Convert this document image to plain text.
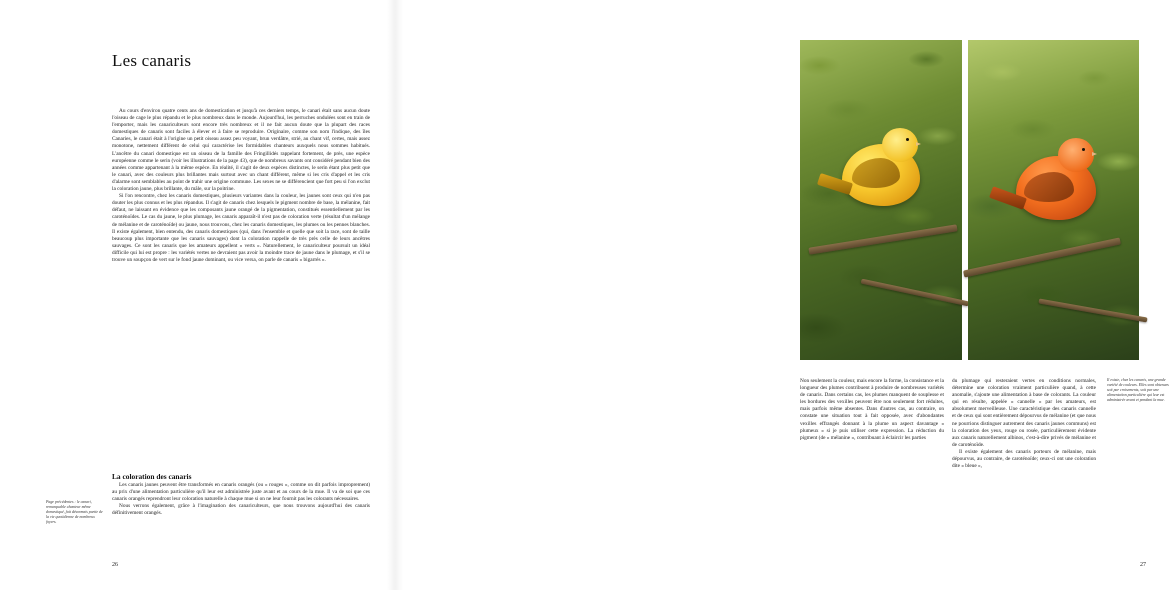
Les canaris

Au cours d'environ quatre cents ans de domestication et jusqu'à ces derniers temps, le canari était sans aucun doute l'oiseau de cage le plus répandu et le plus nombreux dans le monde. Aujourd'hui, les perruches ondulées sont en train de l'emporter, mais les canariculteurs sont encore très nombreux et il ne fait aucun doute que la plupart des races domestiques de canaris sont faciles à élever et à faire se reproduire. Originaire, comme son nom l'indique, des îles Canaries, le canari était à l'origine un petit oiseau assez peu voyant, brun verdâtre, strié, au chant vif, certes, mais assez monotone, nettement différent de celui qui caractérise les formidables chanteurs auxquels nous sommes habitués. L'ancêtre du canari domestique est un oiseau de la famille des Fringillidés rappelant fortement, de près, une espèce européenne comme le serin (voir les illustrations de la page 43), que de nombreux savants ont considéré pendant bien des années comme appartenant à la même espèce. En réalité, il s'agit de deux espèces distinctes, le serin étant plus petit que le canari, avec des couleurs plus brillantes mais surtout avec un chant différent, même si les cris d'appel et les cris d'alarme sont semblables au point de trahir une origine commune. Les sexes ne se différencient que fort peu si l'on exclut la coloration jaune, plus brillante, du mâle, sur la poitrine.

Si l'on rencontre, chez les canaris domestiques, plusieurs variantes dans la couleur, les jaunes sont ceux qui n'en pas douter les plus connus et les plus répandus. Il s'agit de canaris chez lesquels le pigment nombre de base, la mélanine, fait défaut, ne laissant en évidence que les composants jaune orangé de la pigmentation, constitués essentiellement par les caroténoïdes. Le cas du jaune, le plus plumage, les canaris apparaît-il n'est pas de coloration verte (résultat d'un mélange de mélanine et de caroténoïde) ou jaune, nous trouvons, chez les canaris domestiques, les plumes ou les pennes blanches. Il existe également, bien entendu, des canaris domestiques (qui, dans l'ensemble et quelle que soit la race, sont de taille beaucoup plus importante que les canaris sauvages) dont la coloration rappelle de très près celle de leurs ancêtres sauvages. Ce sont les canaris que les amateurs appellent « verts ». Naturellement, le canariculteur poursuit un idéal difficile qui lui est propre : les variétés vertes ne devraient pas avoir la moindre trace de jaune dans le plumage, et s'il se trouve un soupçon de vert sur le fond jaune dominant, ou vice versa, on parle de canaris « bigarrés ».

La coloration des canaris

Les canaris jaunes peuvent être transformés en canaris orangés (ou « rouges », comme on dit parfois improprement) au prix d'une alimentation particulière qu'il leur est administrée juste avant et au cours de la mue. Il va de soi que ces canaris orangés reprendront leur coloration naturelle à chaque mue si on ne leur fournit pas les colorants nécessaires.

Nous verrons également, grâce à l'imagination des canariculteurs, que nous trouvons aujourd'hui des canaris définitivement orangés.

Page précédentes : le canari, remarquable chanteur même domestiqué, fait désormais partie de la vie quotidienne de nombreux foyers.
26

Non seulement la couleur, mais encore la forme, la consistance et la longueur des plumes contribuent à produire de nombreuses variétés de canaris. Dans certains cas, les plumes manquent de souplesse et les bordures des vexilles peuvent être non seulement fort réduites, mais parfois même absentes. Dans d'autres cas, au contraire, on constate une situation tout à fait opposée, avec d'abondantes vexilles effrangés donnant à la plume un aspect davantage « plumeux » si je puis utiliser cette expression. La réduction du pigment (de « mélanine », contribuant à éclaircir les parties

du plumage qui resteraient vertes en conditions normales, détermine une coloration vraiment particulière quand, à cette anomalie, s'ajoute une alimentation à base de colorants. La couleur qui en résulte, appelée « cannelle » par les amateurs, est absolument merveilleuse. Une caractéristique des canaris cannelle et de ceux qui sont entièrement dépourvus de mélanine (et que nous ne pourrions distinguer autrement des canaris jaunes communs) est la coloration des yeux, rouge ou rosée, particulièrement évidente aux canaris naturellement albinos, c'est-à-dire privés de mélanine et de caroténoïde.

Il existe également des canaris porteurs de mélanine, mais dépourvus, au contraire, de caroténoïde; ceux-ci ont une coloration dite « bleue »,

Il existe, chez les canaris, une grande variété de couleurs. Elles sont obtenues soit par croisements, soit par une alimentation particulière qui leur est administrée avant et pendant la mue.
27
